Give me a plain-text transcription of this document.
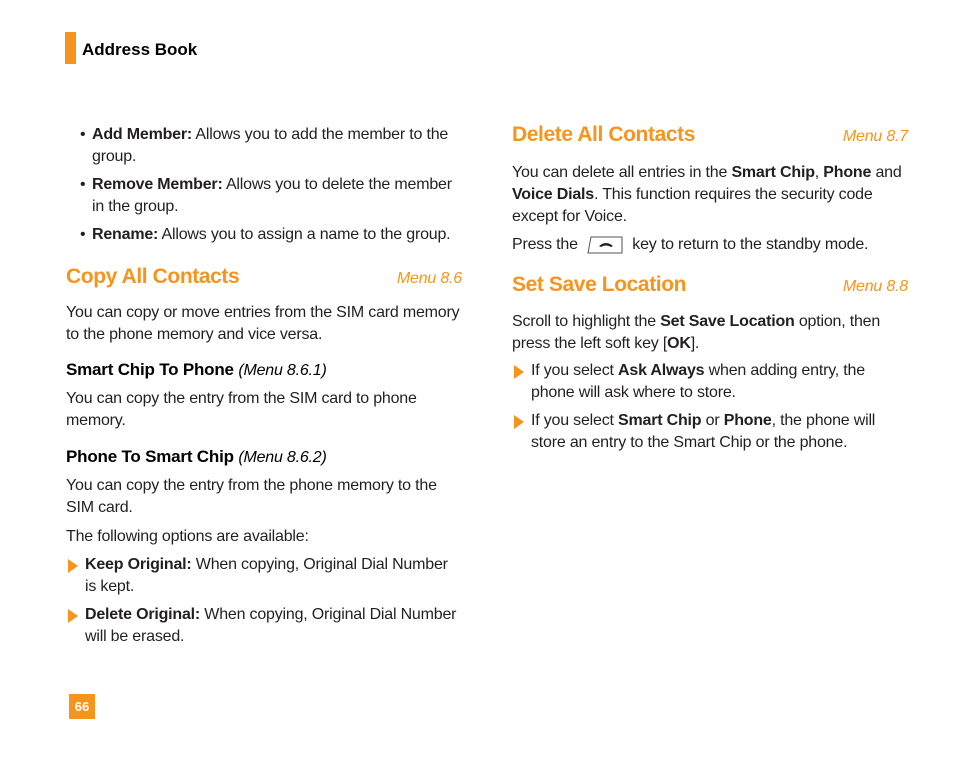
Address Book
• Add Member: Allows you to add the member to the group.
• Remove Member: Allows you to delete the member in the group.
• Rename: Allows you to assign a name to the group.
Copy All Contacts	Menu 8.6

You can copy or move entries from the SIM card memory to the phone memory and vice versa.

Smart Chip To Phone (Menu 8.6.1)

You can copy the entry from the SIM card to phone memory.

Phone To Smart Chip (Menu 8.6.2)

You can copy the entry from the phone memory to the SIM card.

The following options are available:

Keep Original: When copying, Original Dial Number is kept.
Delete Original: When copying, Original Dial Number will be erased.
Delete All Contacts	Menu 8.7

You can delete all entries in the Smart Chip, Phone and Voice Dials. This function requires the security code except for Voice.

Press the	key to return to the standby mode.

Set Save Location	Menu 8.8

Scroll to highlight the Set Save Location option, then press the left soft key [OK].

If you select Ask Always when adding entry, the phone will ask where to store.
If you select Smart Chip or Phone, the phone will store an entry to the Smart Chip or the phone.
66
